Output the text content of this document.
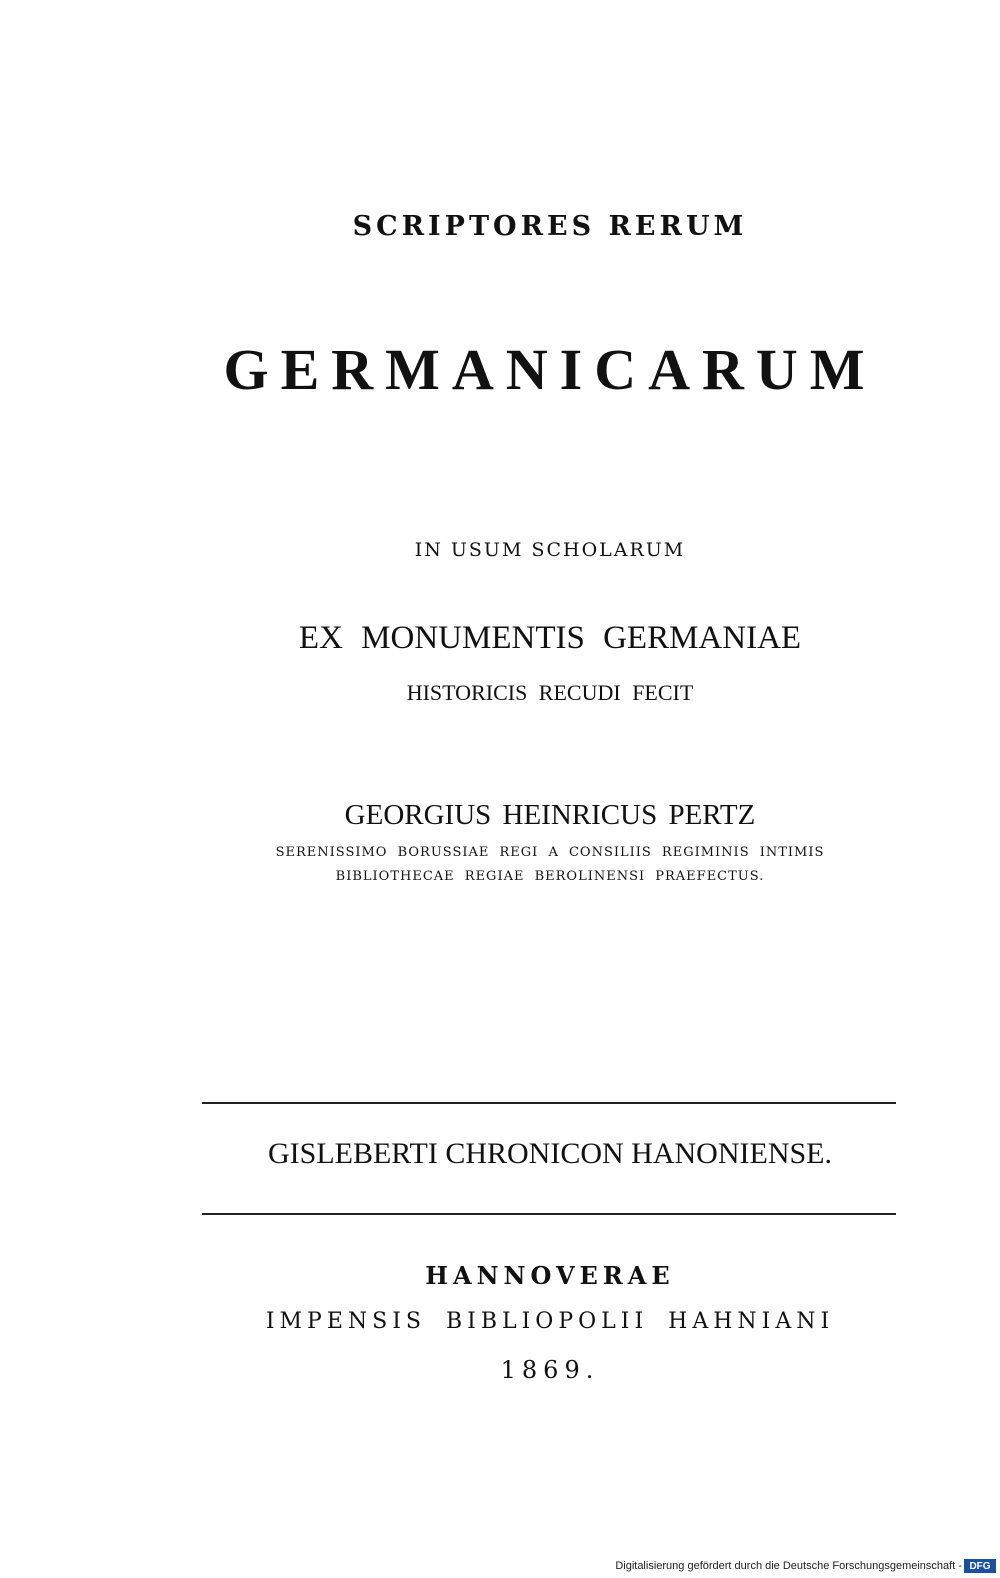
SCRIPTORES RERUM
GERMANICARUM
IN USUM SCHOLARUM
EX MONUMENTIS GERMANIAE
HISTORICIS RECUDI FECIT
GEORGIUS HEINRICUS PERTZ
SERENISSIMO BORUSSIAE REGI A CONSILIIS REGIMINIS INTIMIS
BIBLIOTHECAE REGIAE BEROLINENSI PRAEFECTUS.
GISLEBERTI CHRONICON HANONIENSE.
HANNOVERAE
IMPENSIS BIBLIOPOLII HAHNIANI
1869.
Digitalisierung gefördert durch die Deutsche Forschungsgemeinschaft - DFG
